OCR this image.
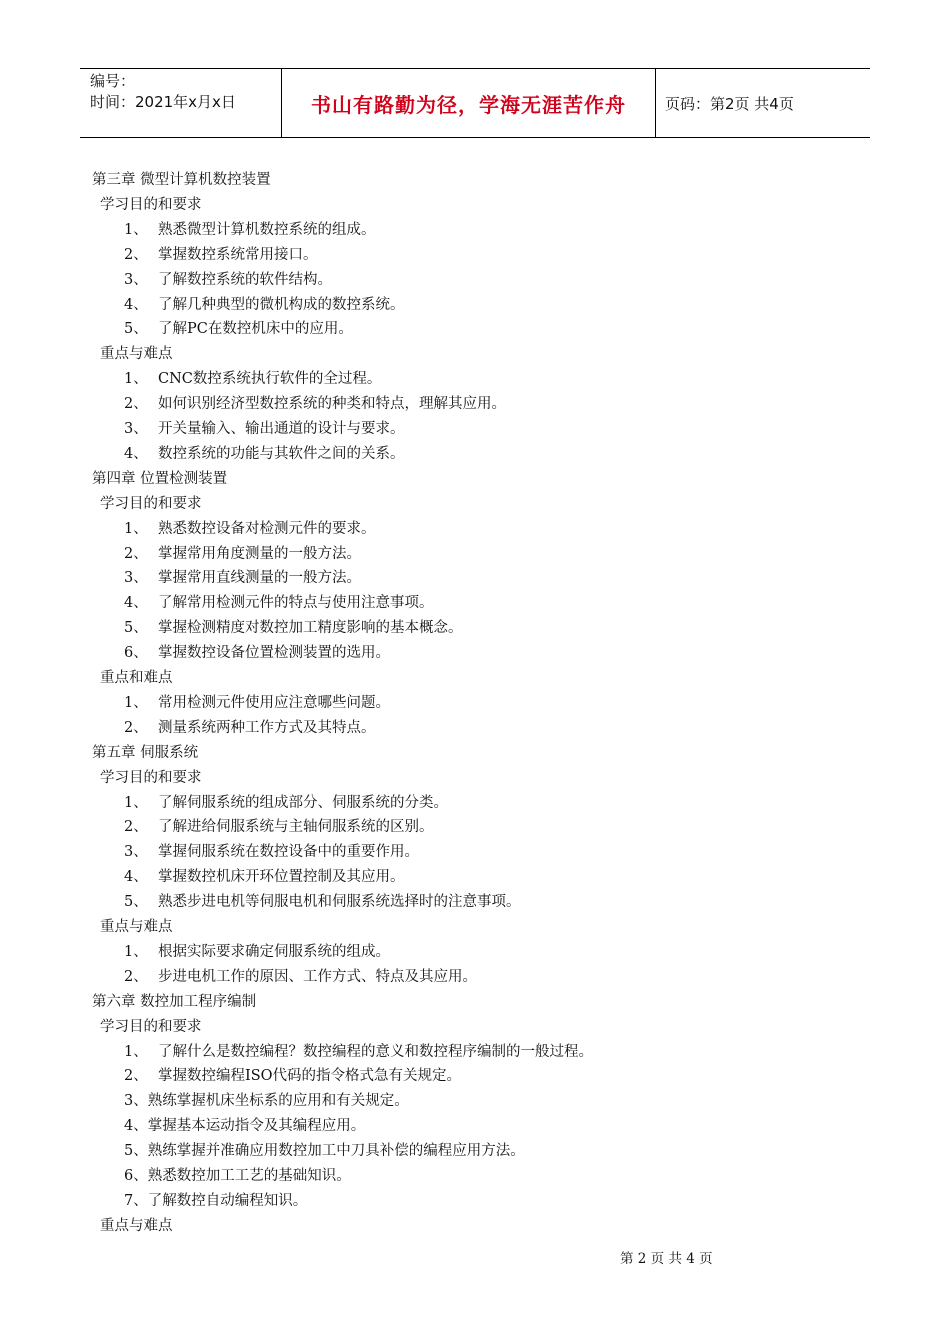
编号：
时间：2021年x月x日	书山有路勤为径，学海无涯苦作舟	页码：第2页 共4页
第三章 微型计算机数控装置
学习目的和要求
1、 熟悉微型计算机数控系统的组成。
2、 掌握数控系统常用接口。
3、 了解数控系统的软件结构。
4、 了解几种典型的微机构成的数控系统。
5、 了解PC在数控机床中的应用。
重点与难点
1、 CNC数控系统执行软件的全过程。
2、 如何识别经济型数控系统的种类和特点，理解其应用。
3、 开关量输入、输出通道的设计与要求。
4、 数控系统的功能与其软件之间的关系。
第四章 位置检测装置
学习目的和要求
1、 熟悉数控设备对检测元件的要求。
2、 掌握常用角度测量的一般方法。
3、 掌握常用直线测量的一般方法。
4、 了解常用检测元件的特点与使用注意事项。
5、 掌握检测精度对数控加工精度影响的基本概念。
6、 掌握数控设备位置检测装置的选用。
重点和难点
1、 常用检测元件使用应注意哪些问题。
2、 测量系统两种工作方式及其特点。
第五章 伺服系统
学习目的和要求
1、 了解伺服系统的组成部分、伺服系统的分类。
2、 了解进给伺服系统与主轴伺服系统的区别。
3、 掌握伺服系统在数控设备中的重要作用。
4、 掌握数控机床开环位置控制及其应用。
5、 熟悉步进电机等伺服电机和伺服系统选择时的注意事项。
重点与难点
1、 根据实际要求确定伺服系统的组成。
2、 步进电机工作的原因、工作方式、特点及其应用。
第六章 数控加工程序编制
学习目的和要求
1、 了解什么是数控编程？数控编程的意义和数控程序编制的一般过程。
2、 掌握数控编程ISO代码的指令格式急有关规定。
3、熟练掌握机床坐标系的应用和有关规定。
4、掌握基本运动指令及其编程应用。
5、熟练掌握并准确应用数控加工中刀具补偿的编程应用方法。
6、熟悉数控加工工艺的基础知识。
7、了解数控自动编程知识。
重点与难点
第 2 页 共 4 页
